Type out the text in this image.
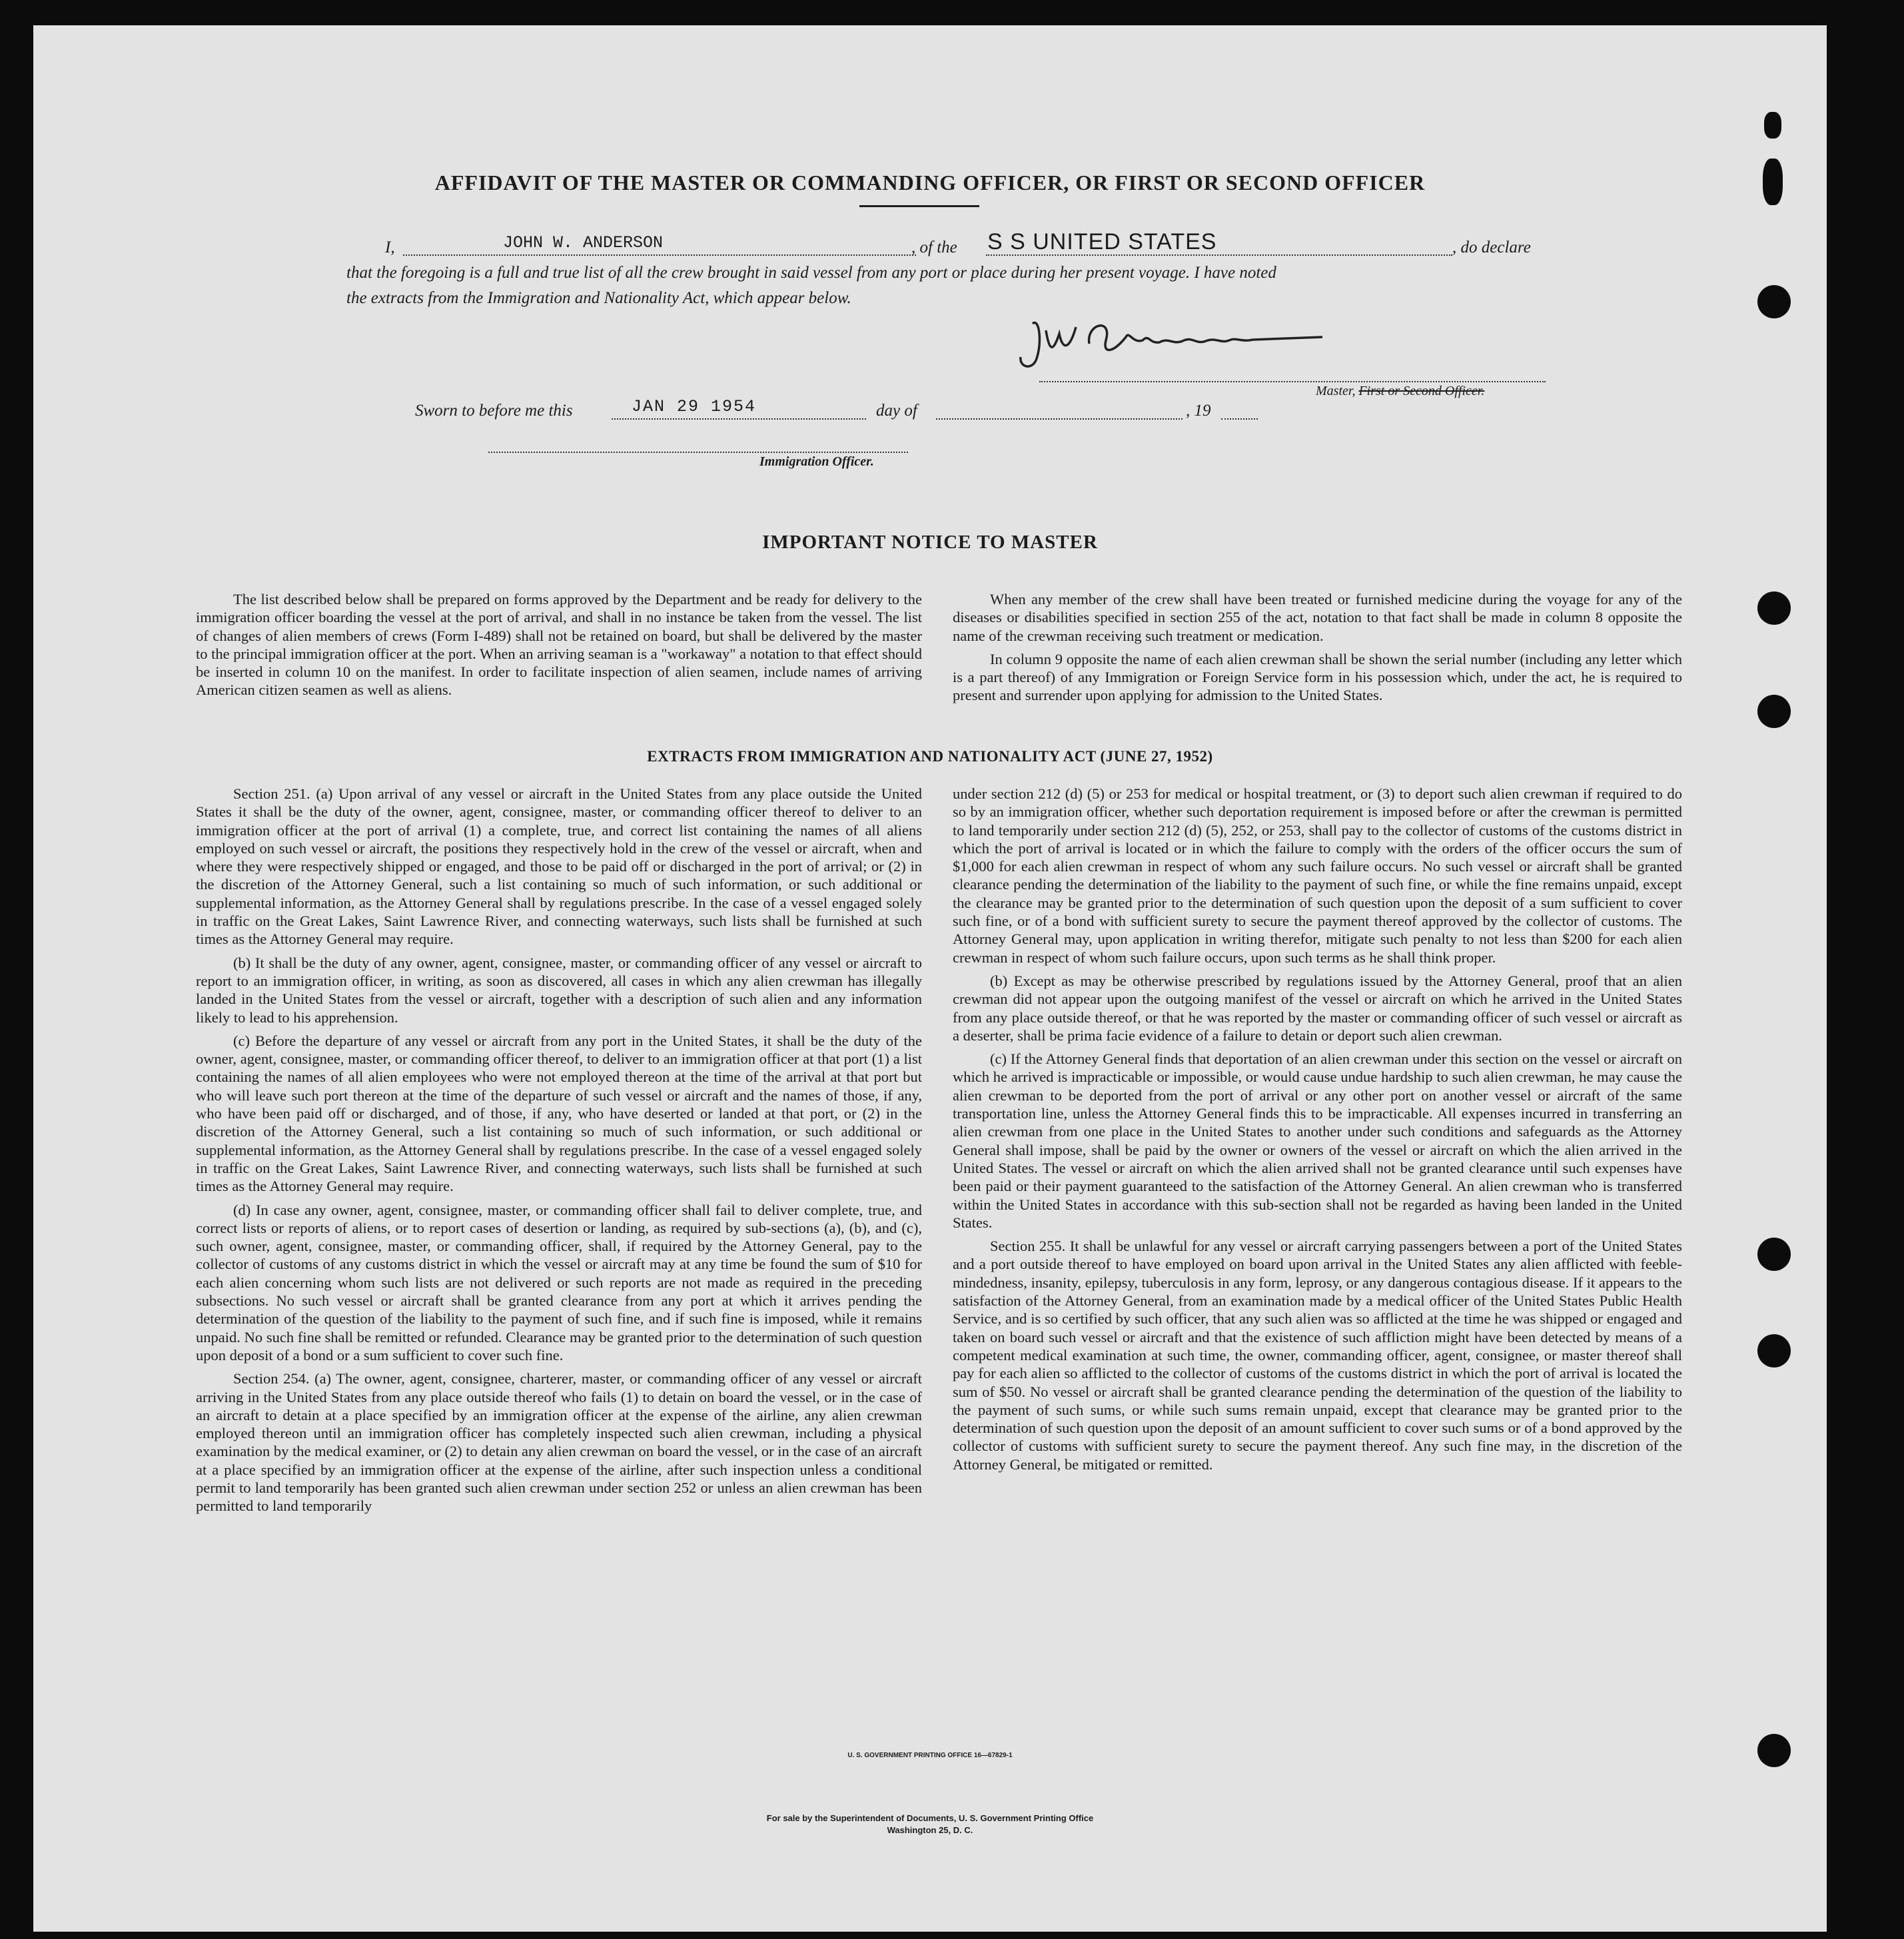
AFFIDAVIT OF THE MASTER OR COMMANDING OFFICER, OR FIRST OR SECOND OFFICER
I,	JOHN W. ANDERSON	, of the S S UNITED STATES	, do declare
that the foregoing is a full and true list of all the crew brought in said vessel from any port or place during her present voyage. I have noted
the extracts from the Immigration and Nationality Act, which appear below.
Master, First or Second Officer.
Sworn to before me this	JAN 29 1954	day of	, 19
Immigration Officer.
IMPORTANT NOTICE TO MASTER

The list described below shall be prepared on forms approved by the Department and be ready for delivery to the immigration officer boarding the vessel at the port of arrival, and shall in no instance be taken from the vessel. The list of changes of alien members of crews (Form I-489) shall not be retained on board, but shall be delivered by the master to the principal immigration officer at the port. When an arriving seaman is a "workaway" a notation to that effect should be inserted in column 10 on the manifest. In order to facilitate inspection of alien seamen, include names of arriving American citizen seamen as well as aliens.

When any member of the crew shall have been treated or furnished medicine during the voyage for any of the diseases or disabilities specified in section 255 of the act, notation to that fact shall be made in column 8 opposite the name of the crewman receiving such treatment or medication.

In column 9 opposite the name of each alien crewman shall be shown the serial number (including any letter which is a part thereof) of any Immigration or Foreign Service form in his possession which, under the act, he is required to present and surrender upon applying for admission to the United States.

EXTRACTS FROM IMMIGRATION AND NATIONALITY ACT (JUNE 27, 1952)

Section 251. (a) Upon arrival of any vessel or aircraft in the United States from any place outside the United States it shall be the duty of the owner, agent, consignee, master, or commanding officer thereof to deliver to an immigration officer at the port of arrival (1) a complete, true, and correct list containing the names of all aliens employed on such vessel or aircraft, the positions they respectively hold in the crew of the vessel or aircraft, when and where they were respectively shipped or engaged, and those to be paid off or discharged in the port of arrival; or (2) in the discretion of the Attorney General, such a list containing so much of such information, or such additional or supplemental information, as the Attorney General shall by regulations prescribe. In the case of a vessel engaged solely in traffic on the Great Lakes, Saint Lawrence River, and connecting waterways, such lists shall be furnished at such times as the Attorney General may require.

(b) It shall be the duty of any owner, agent, consignee, master, or commanding officer of any vessel or aircraft to report to an immigration officer, in writing, as soon as discovered, all cases in which any alien crewman has illegally landed in the United States from the vessel or aircraft, together with a description of such alien and any information likely to lead to his apprehension.

(c) Before the departure of any vessel or aircraft from any port in the United States, it shall be the duty of the owner, agent, consignee, master, or commanding officer thereof, to deliver to an immigration officer at that port (1) a list containing the names of all alien employees who were not employed thereon at the time of the arrival at that port but who will leave such port thereon at the time of the departure of such vessel or aircraft and the names of those, if any, who have been paid off or discharged, and of those, if any, who have deserted or landed at that port, or (2) in the discretion of the Attorney General, such a list containing so much of such information, or such additional or supplemental information, as the Attorney General shall by regulations prescribe. In the case of a vessel engaged solely in traffic on the Great Lakes, Saint Lawrence River, and connecting waterways, such lists shall be furnished at such times as the Attorney General may require.

(d) In case any owner, agent, consignee, master, or commanding officer shall fail to deliver complete, true, and correct lists or reports of aliens, or to report cases of desertion or landing, as required by sub-sections (a), (b), and (c), such owner, agent, consignee, master, or commanding officer, shall, if required by the Attorney General, pay to the collector of customs of any customs district in which the vessel or aircraft may at any time be found the sum of $10 for each alien concerning whom such lists are not delivered or such reports are not made as required in the preceding subsections. No such vessel or aircraft shall be granted clearance from any port at which it arrives pending the determination of the question of the liability to the payment of such fine, and if such fine is imposed, while it remains unpaid. No such fine shall be remitted or refunded. Clearance may be granted prior to the determination of such question upon deposit of a bond or a sum sufficient to cover such fine.

Section 254. (a) The owner, agent, consignee, charterer, master, or commanding officer of any vessel or aircraft arriving in the United States from any place outside thereof who fails (1) to detain on board the vessel, or in the case of an aircraft to detain at a place specified by an immigration officer at the expense of the airline, any alien crewman employed thereon until an immigration officer has completely inspected such alien crewman, including a physical examination by the medical examiner, or (2) to detain any alien crewman on board the vessel, or in the case of an aircraft at a place specified by an immigration officer at the expense of the airline, after such inspection unless a conditional permit to land temporarily has been granted such alien crewman under section 252 or unless an alien crewman has been permitted to land temporarily

under section 212 (d) (5) or 253 for medical or hospital treatment, or (3) to deport such alien crewman if required to do so by an immigration officer, whether such deportation requirement is imposed before or after the crewman is permitted to land temporarily under section 212 (d) (5), 252, or 253, shall pay to the collector of customs of the customs district in which the port of arrival is located or in which the failure to comply with the orders of the officer occurs the sum of $1,000 for each alien crewman in respect of whom any such failure occurs. No such vessel or aircraft shall be granted clearance pending the determination of the liability to the payment of such fine, or while the fine remains unpaid, except the clearance may be granted prior to the determination of such question upon the deposit of a sum sufficient to cover such fine, or of a bond with sufficient surety to secure the payment thereof approved by the collector of customs. The Attorney General may, upon application in writing therefor, mitigate such penalty to not less than $200 for each alien crewman in respect of whom such failure occurs, upon such terms as he shall think proper.

(b) Except as may be otherwise prescribed by regulations issued by the Attorney General, proof that an alien crewman did not appear upon the outgoing manifest of the vessel or aircraft on which he arrived in the United States from any place outside thereof, or that he was reported by the master or commanding officer of such vessel or aircraft as a deserter, shall be prima facie evidence of a failure to detain or deport such alien crewman.

(c) If the Attorney General finds that deportation of an alien crewman under this section on the vessel or aircraft on which he arrived is impracticable or impossible, or would cause undue hardship to such alien crewman, he may cause the alien crewman to be deported from the port of arrival or any other port on another vessel or aircraft of the same transportation line, unless the Attorney General finds this to be impracticable. All expenses incurred in transferring an alien crewman from one place in the United States to another under such conditions and safeguards as the Attorney General shall impose, shall be paid by the owner or owners of the vessel or aircraft on which the alien arrived in the United States. The vessel or aircraft on which the alien arrived shall not be granted clearance until such expenses have been paid or their payment guaranteed to the satisfaction of the Attorney General. An alien crewman who is transferred within the United States in accordance with this sub-section shall not be regarded as having been landed in the United States.

Section 255. It shall be unlawful for any vessel or aircraft carrying passengers between a port of the United States and a port outside thereof to have employed on board upon arrival in the United States any alien afflicted with feeble-mindedness, insanity, epilepsy, tuberculosis in any form, leprosy, or any dangerous contagious disease. If it appears to the satisfaction of the Attorney General, from an examination made by a medical officer of the United States Public Health Service, and is so certified by such officer, that any such alien was so afflicted at the time he was shipped or engaged and taken on board such vessel or aircraft and that the existence of such affliction might have been detected by means of a competent medical examination at such time, the owner, commanding officer, agent, consignee, or master thereof shall pay for each alien so afflicted to the collector of customs of the customs district in which the port of arrival is located the sum of $50. No vessel or aircraft shall be granted clearance pending the determination of the question of the liability to the payment of such sums, or while such sums remain unpaid, except that clearance may be granted prior to the determination of such question upon the deposit of an amount sufficient to cover such sums or of a bond approved by the collector of customs with sufficient surety to secure the payment thereof. Any such fine may, in the discretion of the Attorney General, be mitigated or remitted.

U. S. GOVERNMENT PRINTING OFFICE 16—67829-1
For sale by the Superintendent of Documents, U. S. Government Printing Office
Washington 25, D. C.
